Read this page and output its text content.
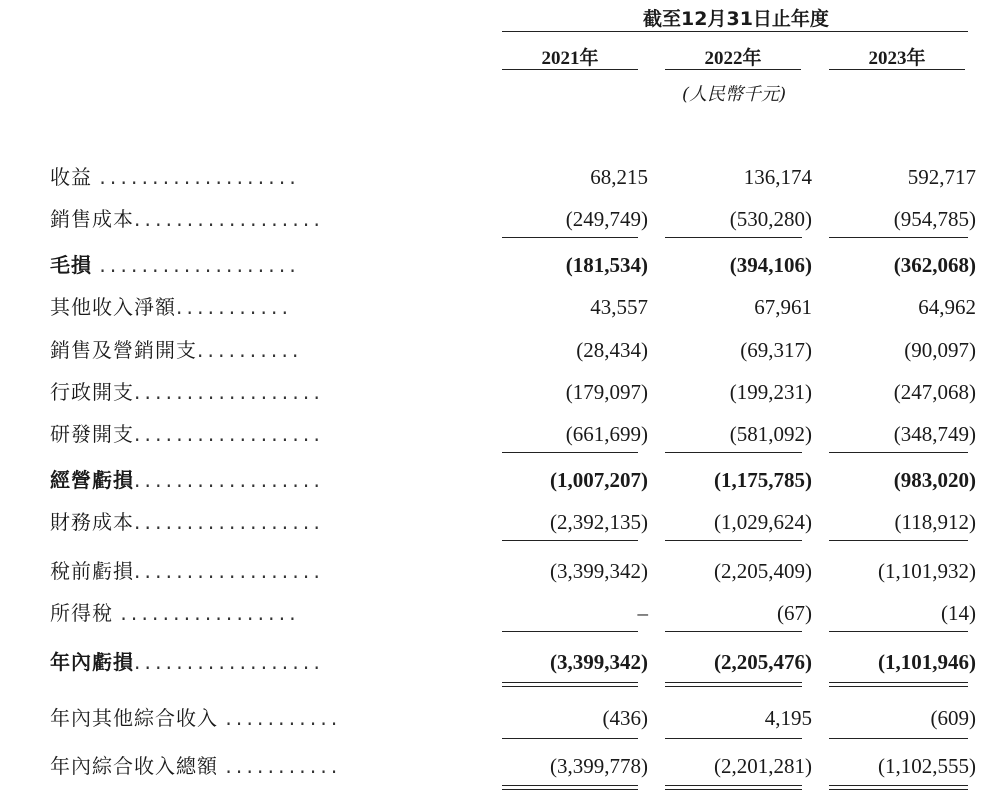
截至12月31日止年度
2021年	2022年	2023年
(人民幣千元)
收益 ...................	68,215	136,174	592,717
銷售成本..................	(249,749)	(530,280)	(954,785)
毛損 ...................	(181,534)	(394,106)	(362,068)
其他收入淨額...........	43,557	67,961	64,962
銷售及營銷開支..........	(28,434)	(69,317)	(90,097)
行政開支..................	(179,097)	(199,231)	(247,068)
研發開支..................	(661,699)	(581,092)	(348,749)
經營虧損..................	(1,007,207)	(1,175,785)	(983,020)
財務成本..................	(2,392,135)	(1,029,624)	(118,912)
稅前虧損..................	(3,399,342)	(2,205,409)	(1,101,932)
所得稅 .................	–	(67)	(14)
年內虧損..................	(3,399,342)	(2,205,476)	(1,101,946)
年內其他綜合收入 ...........	(436)	4,195	(609)
年內綜合收入總額 ...........	(3,399,778)	(2,201,281)	(1,102,555)
